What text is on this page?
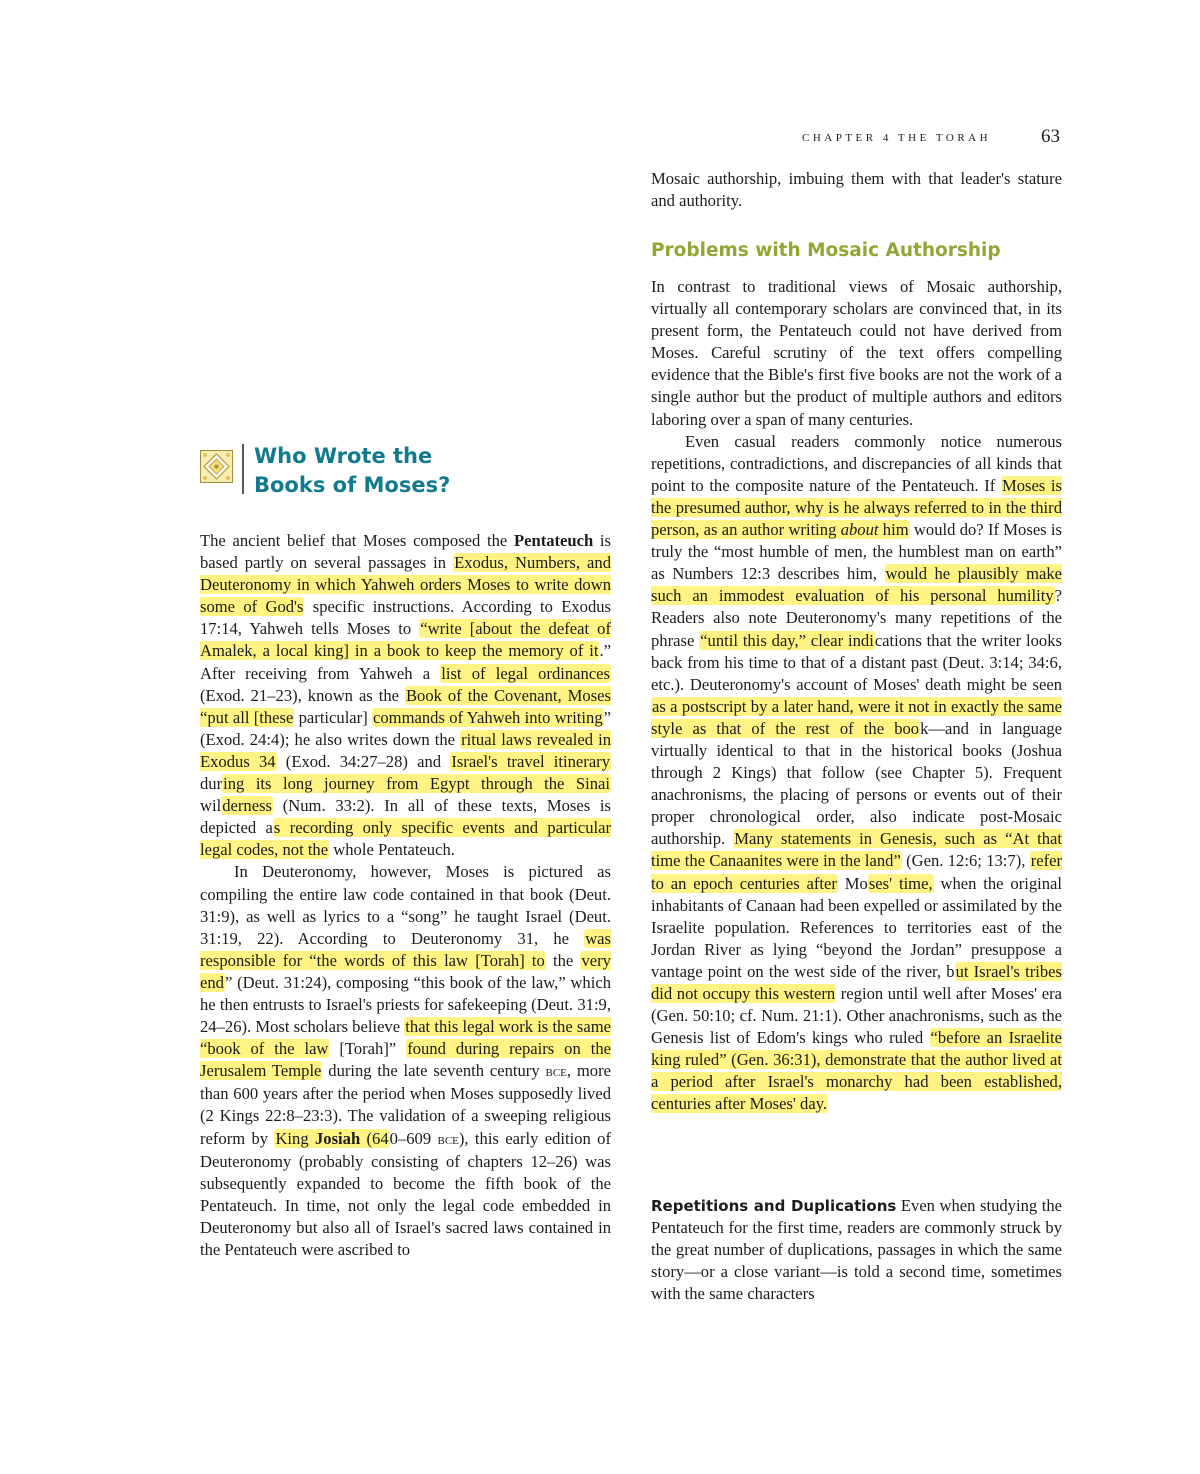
CHAPTER 4 THE TORAH	63
Who Wrote the
Books of Moses?

The ancient belief that Moses composed the Pentateuch is based partly on several passages in Exodus, Numbers, and Deuteronomy in which Yahweh orders Moses to write down some of God's specific instructions. According to Exodus 17:14, Yahweh tells Moses to “write [about the defeat of Amalek, a local king] in a book to keep the memory of it.” After receiving from Yahweh a list of legal ordinances (Exod. 21–23), known as the Book of the Covenant, Moses “put all [these particular] commands of Yahweh into writing” (Exod. 24:4); he also writes down the ritual laws revealed in Exodus 34 (Exod. 34:27–28) and Israel's travel itinerary during its long journey from Egypt through the Sinai wilderness (Num. 33:2). In all of these texts, Moses is depicted as recording only specific events and particular legal codes, not the whole Pentateuch.

In Deuteronomy, however, Moses is pictured as compiling the entire law code contained in that book (Deut. 31:9), as well as lyrics to a “song” he taught Israel (Deut. 31:19, 22). According to Deuteronomy 31, he was responsible for “the words of this law [Torah] to the very end” (Deut. 31:24), composing “this book of the law,” which he then entrusts to Israel's priests for safekeeping (Deut. 31:9, 24–26). Most scholars believe that this legal work is the same “book of the law [Torah]” found during repairs on the Jerusalem Temple during the late seventh century bce, more than 600 years after the period when Moses supposedly lived (2 Kings 22:8–23:3). The validation of a sweeping religious reform by King Josiah (640–609 bce), this early edition of Deuteronomy (probably consisting of chapters 12–26) was subsequently expanded to become the fifth book of the Pentateuch. In time, not only the legal code embedded in Deuteronomy but also all of Israel's sacred laws contained in the Pentateuch were ascribed to

Mosaic authorship, imbuing them with that leader's stature and authority.

Problems with Mosaic Authorship

In contrast to traditional views of Mosaic authorship, virtually all contemporary scholars are convinced that, in its present form, the Pentateuch could not have derived from Moses. Careful scrutiny of the text offers compelling evidence that the Bible's first five books are not the work of a single author but the product of multiple authors and editors laboring over a span of many centuries.

Even casual readers commonly notice numerous repetitions, contradictions, and discrepancies of all kinds that point to the composite nature of the Pentateuch. If Moses is the presumed author, why is he always referred to in the third person, as an author writing about him would do? If Moses is truly the “most humble of men, the humblest man on earth” as Numbers 12:3 describes him, would he plausibly make such an immodest evaluation of his personal humility? Readers also note Deuteronomy's many repetitions of the phrase “until this day,” clear indications that the writer looks back from his time to that of a distant past (Deut. 3:14; 34:6, etc.). Deuteronomy's account of Moses' death might be seen as a postscript by a later hand, were it not in exactly the same style as that of the rest of the book—and in language virtually identical to that in the historical books (Joshua through 2 Kings) that follow (see Chapter 5). Frequent anachronisms, the placing of persons or events out of their proper chronological order, also indicate post-Mosaic authorship. Many statements in Genesis, such as “At that time the Canaanites were in the land” (Gen. 12:6; 13:7), refer to an epoch centuries after Moses' time, when the original inhabitants of Canaan had been expelled or assimilated by the Israelite population. References to territories east of the Jordan River as lying “beyond the Jordan” presuppose a vantage point on the west side of the river, but Israel's tribes did not occupy this western region until well after Moses' era (Gen. 50:10; cf. Num. 21:1). Other anachronisms, such as the Genesis list of Edom's kings who ruled “before an Israelite king ruled” (Gen. 36:31), demonstrate that the author lived at a period after Israel's monarchy had been established, centuries after Moses' day.

Repetitions and Duplications Even when studying the Pentateuch for the first time, readers are commonly struck by the great number of duplications, passages in which the same story—or a close variant—is told a second time, sometimes with the same characters
